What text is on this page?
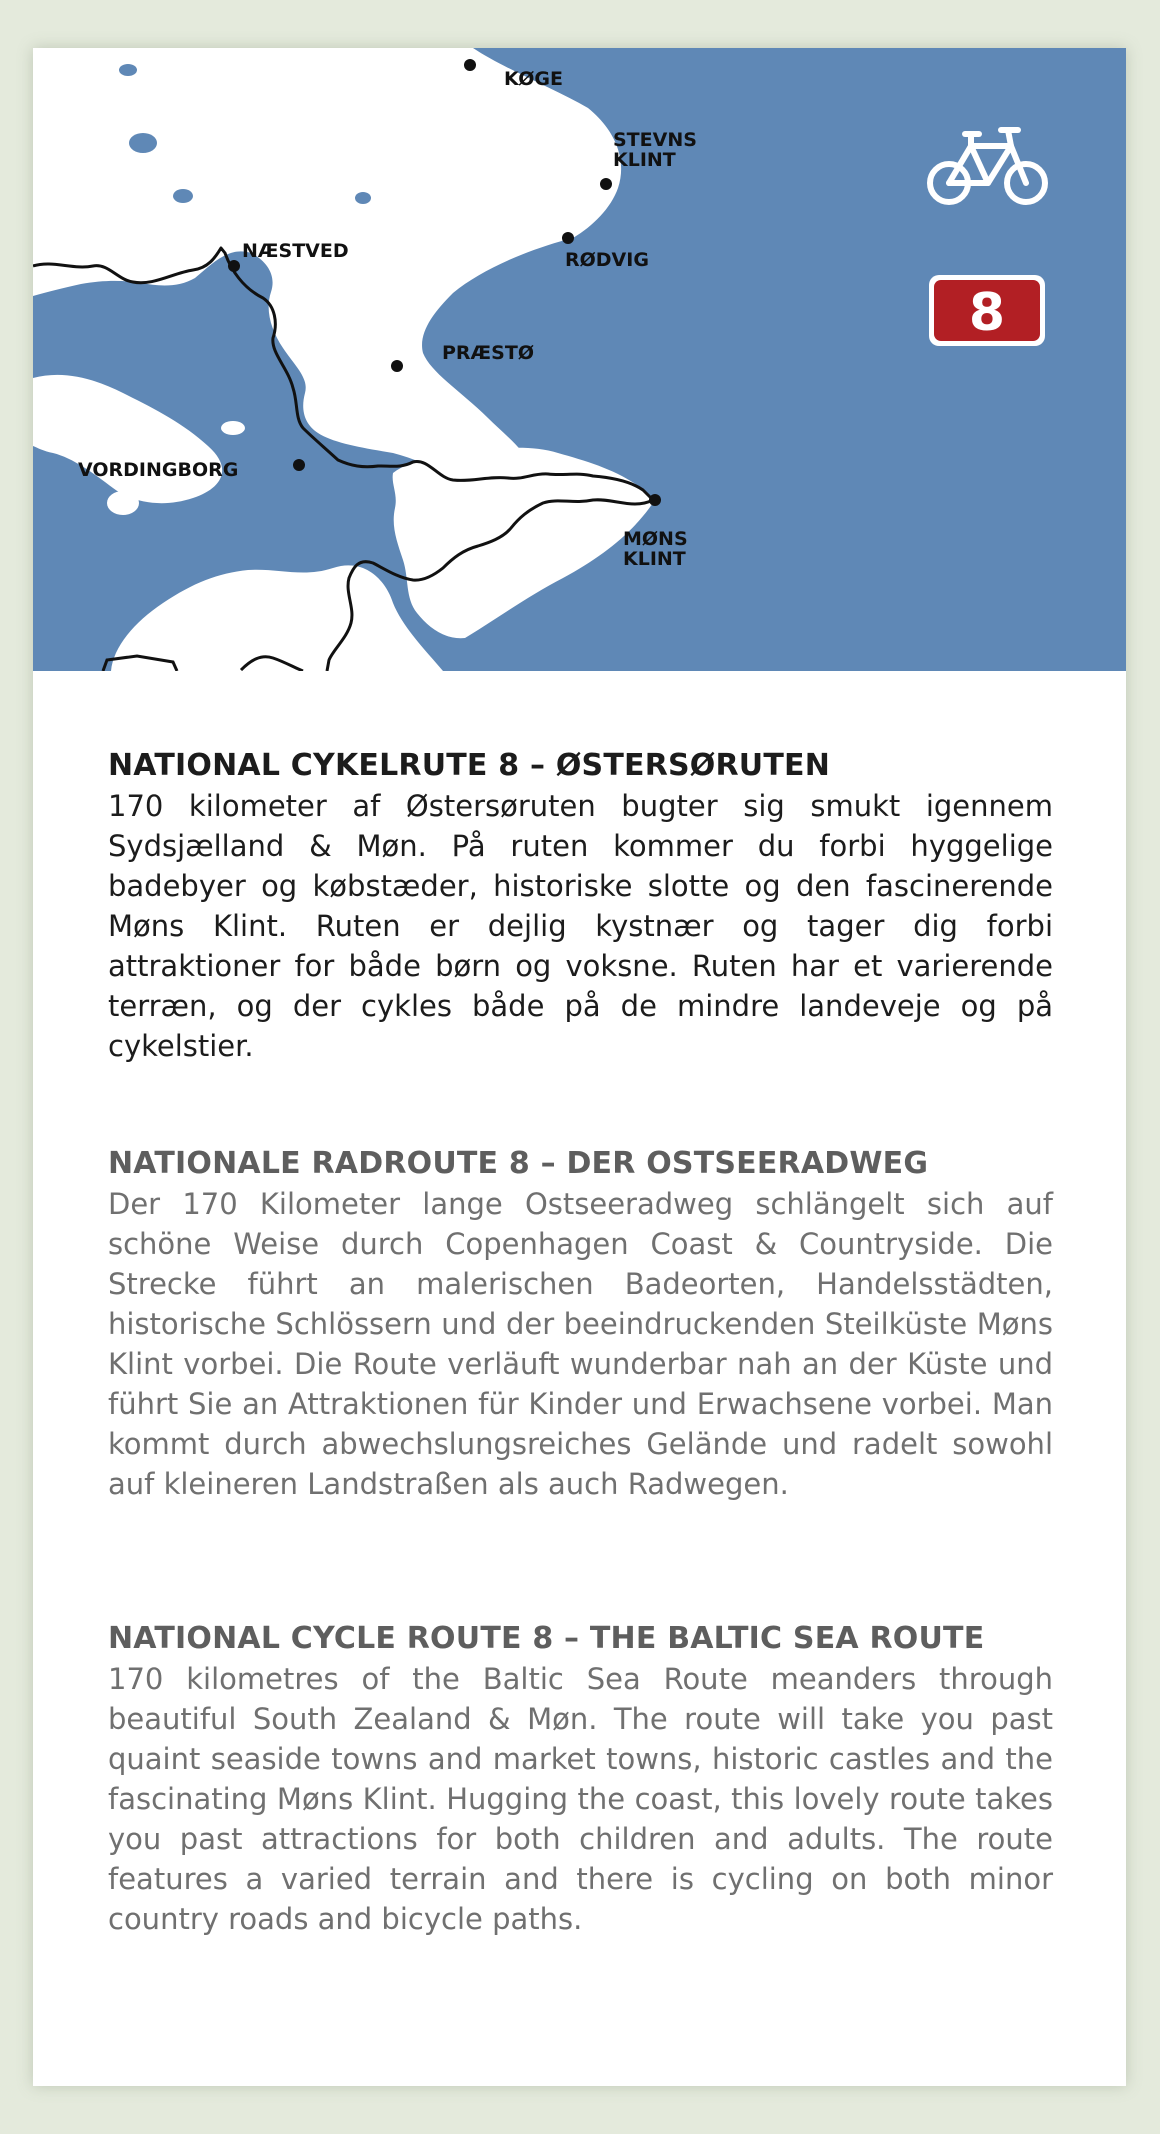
KØGE
STEVNS
KLINT
NÆSTVED	RØDVIG
PRÆSTØ
VORDINGBORG
MØNS
KLINT
8
NATIONAL CYKELRUTE 8 – ØSTERSØRUTEN

170 kilometer af Østersøruten bugter sig smukt igennem Sydsjælland & Møn. På ruten kommer du forbi hyggelige badebyer og købstæder, historiske slotte og den fascinerende Møns Klint. Ruten er dejlig kystnær og tager dig forbi attraktioner for både børn og voksne. Ruten har et varierende terræn, og der cykles både på de mindre landeveje og på cykelstier.

NATIONALE RADROUTE 8 – DER OSTSEERADWEG

Der 170 Kilometer lange Ostseeradweg schlängelt sich auf schöne Weise durch Copenhagen Coast & Countryside. Die Strecke führt an malerischen Badeorten, Handelsstädten, historische Schlössern und der beeindruckenden Steilküste Møns Klint vorbei. Die Route verläuft wunderbar nah an der Küste und führt Sie an Attraktionen für Kinder und Erwachsene vorbei. Man kommt durch abwechslungsreiches Gelände und radelt sowohl auf kleineren Landstraßen als auch Radwegen.

NATIONAL CYCLE ROUTE 8 – THE BALTIC SEA ROUTE

170 kilometres of the Baltic Sea Route meanders through beautiful South Zealand & Møn. The route will take you past quaint seaside towns and market towns, historic castles and the fascinating Møns Klint. Hugging the coast, this lovely route takes you past attractions for both children and adults. The route features a varied terrain and there is cycling on both minor country roads and bicycle paths.
